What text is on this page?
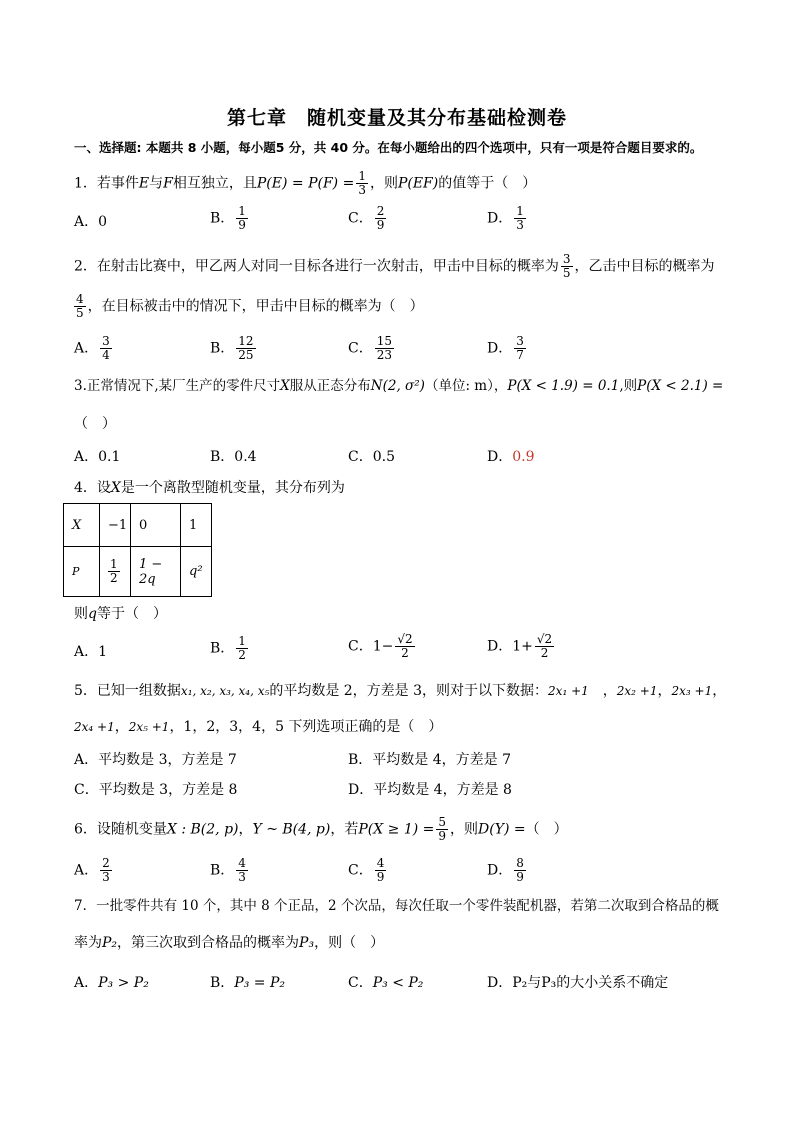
第七章　随机变量及其分布基础检测卷
一、选择题: 本题共 8 小题，每小题5 分，共 40 分。在每小题给出的四个选项中，只有一项是符合题目要求的。
1．若事件E与F相互独立，且$P(E) = P(F) = \frac{1}{3}$ ，则P(EF)的值等于（　）
A．0	B． $\frac{1}{9}$	C． $\frac{2}{9}$	D． $\frac{1}{3}$
2．在射击比赛中，甲乙两人对同一目标各进行一次射击，甲击中目标的概率为 $\frac{3}{5}$ ，乙击中目标的概率为
$\frac{4}{5}$ ，在目标被击中的情况下，甲击中目标的概率为（　）
A． $\frac{3}{4}$	B． $\frac{12}{25}$	C． $\frac{15}{23}$	D． $\frac{3}{7}$
3.正常情况下,某厂生产的零件尺寸X服从正态分布N(2, σ²)（单位: m），P(X < 1.9) = 0.1,则P(X < 2.1) =
（　）
A．0.1	B．0.4	C．0.5	D．0.9
4．设X是一个离散型随机变量，其分布列为
X	−1	0	1
P	$\frac{1}{2}$	1 − 2q	q²
则q等于（　）
A．1	B． $\frac{1}{2}$	C．$1- \frac{√2}{2}$	D．$1+ \frac{√2}{2}$
5．已知一组数据x₁, x₂, x₃, x₄, x₅的平均数是 2，方差是 3，则对于以下数据：2x₁ +1　，2x₂ +1，2x₃ +1，
2x₄ +1，2x₅ +1，1，2，3，4，5 下列选项正确的是（　）
A．平均数是 3，方差是 7	B．平均数是 4，方差是 7
C．平均数是 3，方差是 8	D．平均数是 4，方差是 8
6．设随机变量X : B(2, p)，Y ~ B(4, p)，若$P(X \ge 1) = \frac{5}{9}$ ，则D(Y) =（　）
A． $\frac{2}{3}$	B． $\frac{4}{3}$	C． $\frac{4}{9}$	D． $\frac{8}{9}$
7．一批零件共有 10 个，其中 8 个正品，2 个次品，每次任取一个零件装配机器，若第二次取到合格品的概
率为P₂，第三次取到合格品的概率为P₃，则（　）
A．P₃ > P₂	B．P₃ = P₂	C．P₃ < P₂	D．P₂与P₃的大小关系不确定
